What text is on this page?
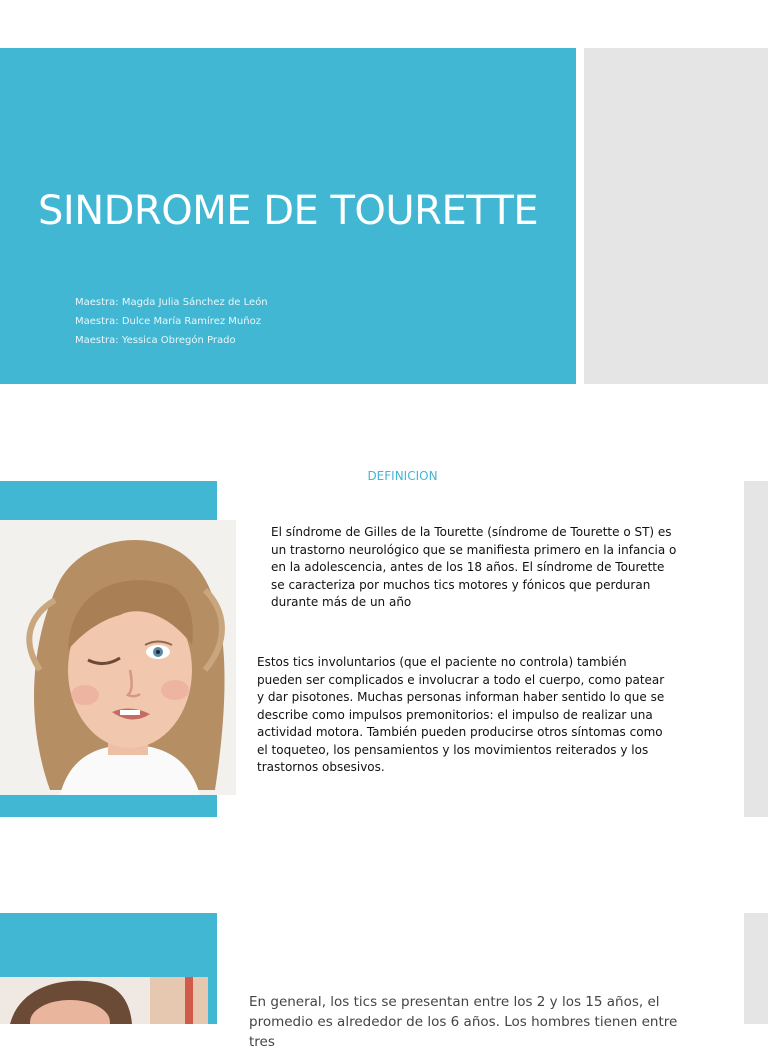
SINDROME DE TOURETTE
Maestra: Magda Julia Sánchez de León
Maestra: Dulce María Ramírez Muñoz
Maestra: Yessica Obregón Prado
DEFINICION
El síndrome de Gilles de la Tourette (síndrome de Tourette o ST) es un trastorno neurológico que se manifiesta primero en la infancia o en la adolescencia, antes de los 18 años. El síndrome de Tourette se caracteriza por muchos tics motores y fónicos que perduran durante más de un año
Estos tics involuntarios (que el paciente no controla) también pueden ser complicados e involucrar a todo el cuerpo, como patear y dar pisotones. Muchas personas informan haber sentido lo que se describe como impulsos premonitorios: el impulso de realizar una actividad motora. También pueden producirse otros síntomas como el toqueteo, los pensamientos y los movimientos reiterados y los trastornos obsesivos.
En general, los tics se presentan entre los 2 y los 15 años, el promedio es alrededor de los 6 años. Los hombres tienen entre tres
